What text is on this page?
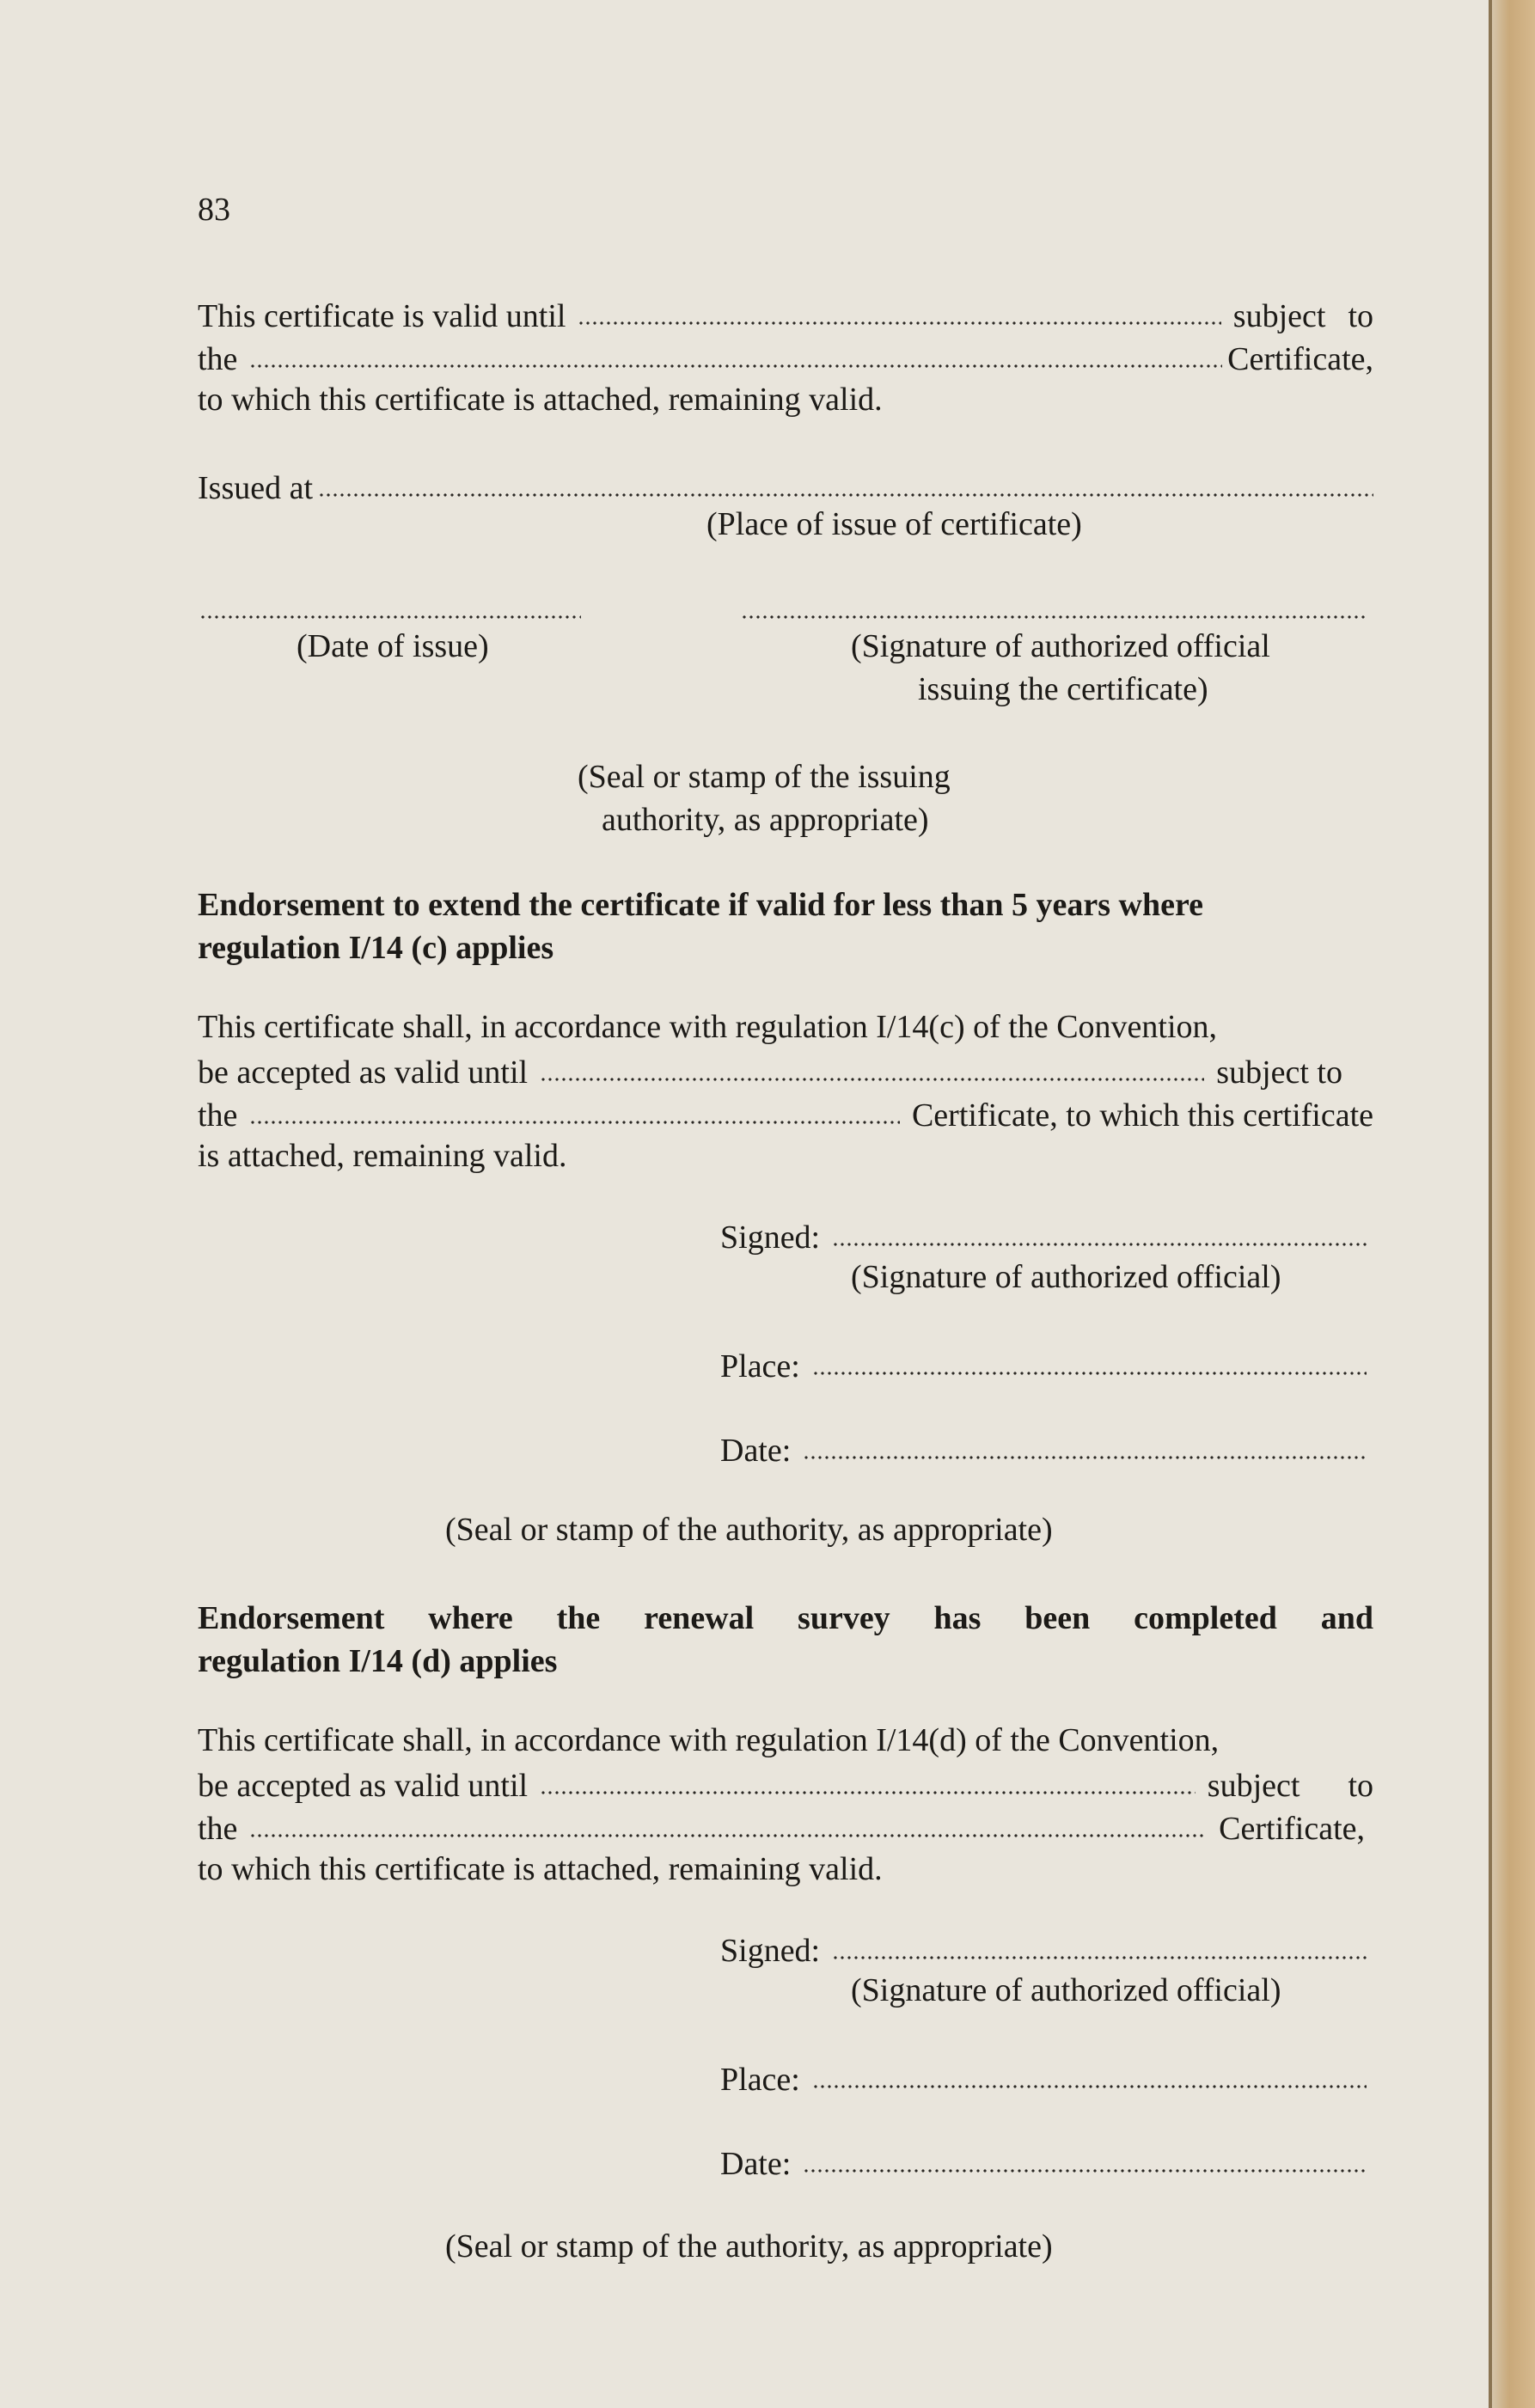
83
This certificate is valid until	subject to
the	Certificate,
to which this certificate is attached, remaining valid.
Issued at
(Place of issue of certificate)
(Date of issue)	(Signature of authorized official
issuing the certificate)
(Seal or stamp of the issuing
authority, as appropriate)
Endorsement to extend the certificate if valid for less than 5 years where
regulation I/14 (c) applies
This certificate shall, in accordance with regulation I/14(c) of the Convention,
be accepted as valid until	subject to
the	Certificate, to which this certificate
is attached, remaining valid.
Signed:
(Signature of authorized official)
Place:
Date:
(Seal or stamp of the authority, as appropriate)
Endorsement where the renewal survey has been completed and
regulation I/14 (d) applies
This certificate shall, in accordance with regulation I/14(d) of the Convention,
be accepted as valid until	subject to
the	Certificate,
to which this certificate is attached, remaining valid.
Signed:
(Signature of authorized official)
Place:
Date:
(Seal or stamp of the authority, as appropriate)
